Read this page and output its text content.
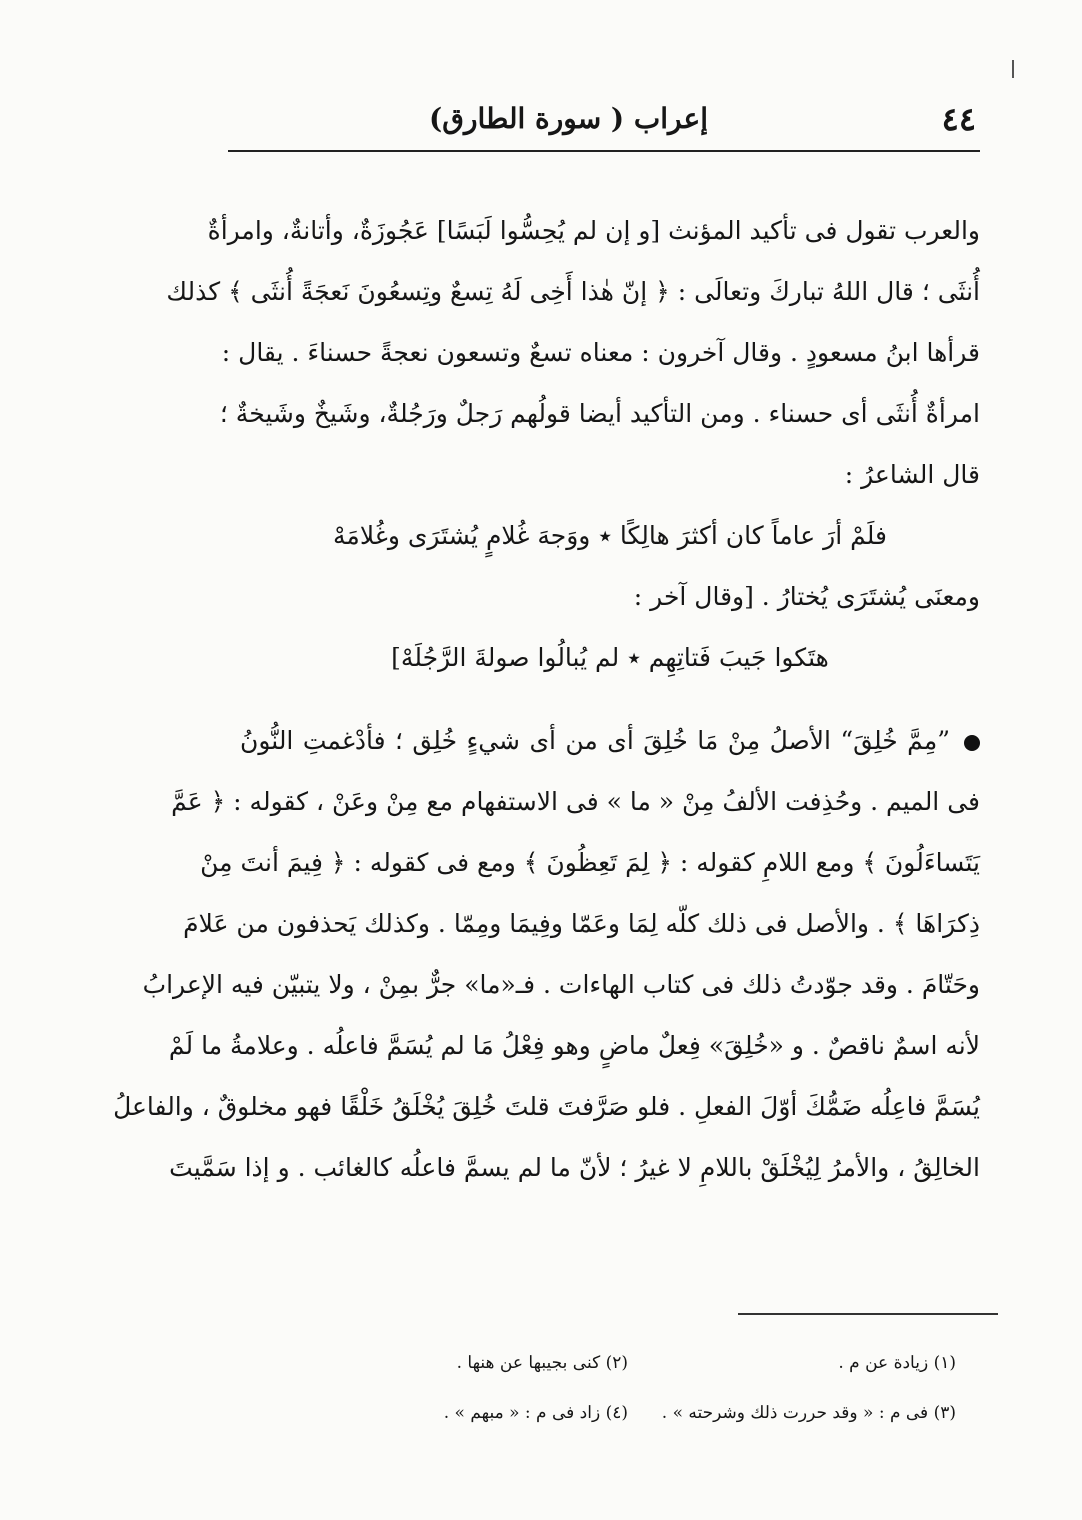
٤٤
إعراب ( سورة الطارق)
والعرب تقول فى تأكيد المؤنث [و إن لم يُحِسُّوا لَبَسًا] عَجُوزَةٌ، وأتانةٌ، وامرأةٌ
أُنثَى ؛ قال اللهُ تباركَ وتعالَى : ﴿ إنّ هٰذا أَخِى لَهُ تِسعٌ وتِسعُونَ نَعجَةً أُنثَى ﴾ كذلك
قرأها ابنُ مسعودٍ . وقال آخرون : معناه تسعٌ وتسعون نعجةً حسناءَ . يقال :
امرأةٌ أُنثَى أى حسناء . ومن التأكيد أيضا قولُهم رَجلٌ ورَجُلةٌ، وشَيخٌ وشَيخةٌ ؛
قال الشاعرُ :
فلَمْ أرَ عاماً كان أكثرَ هالِكًا ٭ ووَجهَ غُلامٍ يُشتَرَى وغُلامَهْ
ومعنَى يُشتَرَى يُختارُ . [وقال آخر :
هتَكوا جَيبَ فَتاتِهِم ٭ لم يُبالُوا صولةَ الرَّجُلَهْ]
”مِمَّ خُلِقَ“ الأصلُ مِنْ مَا خُلِقَ أى من أى شيءٍ خُلِق ؛ فأدْغمتِ النُّونُ
فى الميم . وحُذِفت الألفُ مِنْ « ما » فى الاستفهام مع مِنْ وعَنْ ، كقوله : ﴿ عَمَّ
يَتَساءَلُونَ ﴾ ومع اللامِ كقوله : ﴿ لِمَ تَعِظُونَ ﴾ ومع فى كقوله : ﴿ فِيمَ أنتَ مِنْ
ذِكرَاهَا ﴾ . والأصل فى ذلك كلّه لِمَا وعَمّا وفِيمَا ومِمّا . وكذلك يَحذفون من عَلامَ
وحَتّامَ . وقد جوّدتُ ذلك فى كتاب الهاءات . فـ«ما» جرٌّ بمِنْ ، ولا يتبيّن فيه الإعرابُ
لأنه اسمٌ ناقصٌ . و «خُلِقَ» فِعلٌ ماضٍ وهو فِعْلُ مَا لم يُسَمَّ فاعلُه . وعلامةُ ما لَمْ
يُسَمَّ فاعِلُه ضَمُّكَ أوّلَ الفعلِ . فلو صَرَّفتَ قلتَ خُلِقَ يُخْلَقُ خَلْقًا فهو مخلوقٌ ، والفاعلُ
الخالِقُ ، والأمرُ لِيُخْلَقْ باللامِ لا غيرُ ؛ لأنّ ما لم يسمَّ فاعلُه كالغائب . و إذا سَمَّيتَ
(١) زيادة عن م .
(٢) كنى بجيبها عن هنها .
(٣) فى م : « وقد حررت ذلك وشرحته » .
(٤) زاد فى م : « مبهم » .
